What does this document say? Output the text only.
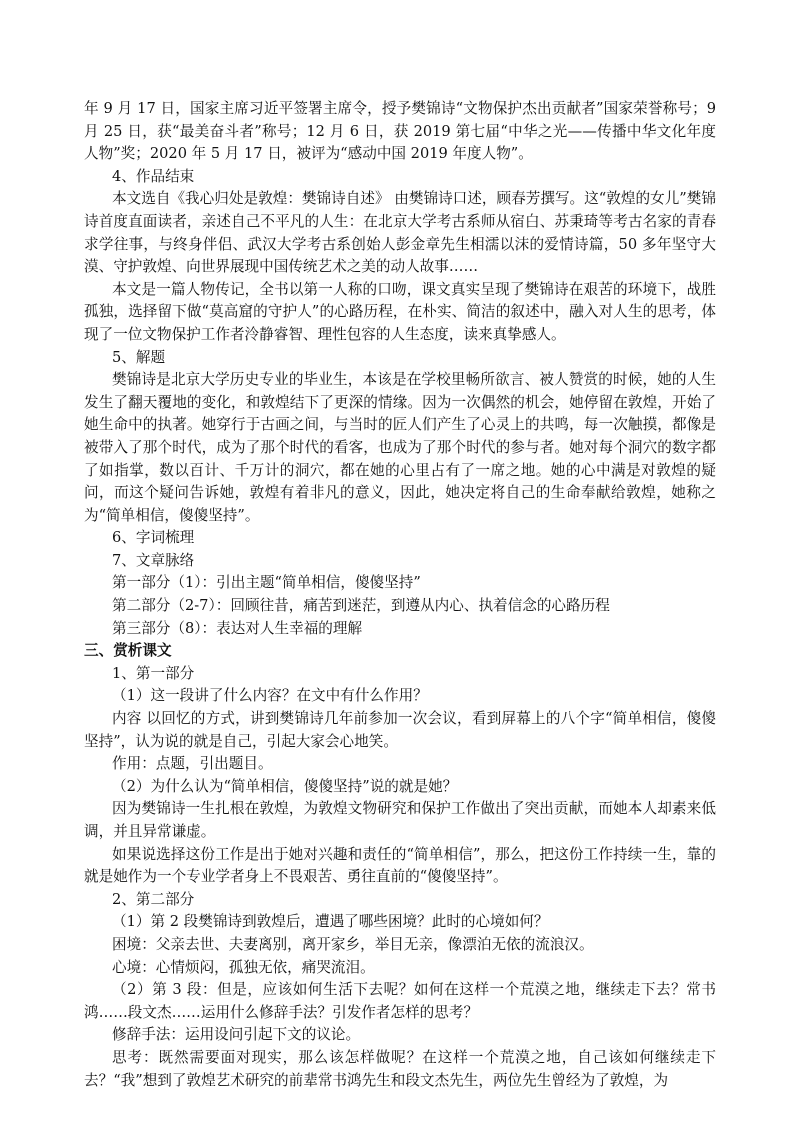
年 9 月 17 日，国家主席习近平签署主席令，授予樊锦诗“文物保护杰出贡献者”国家荣誉称号；9 月 25 日，获“最美奋斗者”称号；12 月 6 日，获 2019 第七届“中华之光——传播中华文化年度人物”奖；2020 年 5 月 17 日，被评为“感动中国 2019 年度人物”。

4、作品结束

本文选自《我心归处是敦煌：樊锦诗自述》 由樊锦诗口述，顾春芳撰写。这“敦煌的女儿”樊锦诗首度直面读者，亲述自己不平凡的人生：在北京大学考古系师从宿白、苏秉琦等考古名家的青春求学往事，与终身伴侣、武汉大学考古系创始人彭金章先生相濡以沫的爱情诗篇，50 多年坚守大漠、守护敦煌、向世界展现中国传统艺术之美的动人故事……

本文是一篇人物传记，全书以第一人称的口吻，课文真实呈现了樊锦诗在艰苦的环境下，战胜孤独，选择留下做“莫高窟的守护人”的心路历程，在朴实、简洁的叙述中，融入对人生的思考，体现了一位文物保护工作者泠静睿智、理性包容的人生态度，读来真挚感人。

5、解题

樊锦诗是北京大学历史专业的毕业生，本该是在学校里畅所欲言、被人赞赏的时候，她的人生发生了翻天覆地的变化，和敦煌结下了更深的情缘。因为一次偶然的机会，她停留在敦煌，开始了她生命中的执著。她穿行于古画之间，与当时的匠人们产生了心灵上的共鸣，每一次触摸，都像是被带入了那个时代，成为了那个时代的看客，也成为了那个时代的参与者。她对每个洞穴的数字都了如指掌，数以百计、千万计的洞穴，都在她的心里占有了一席之地。她的心中满是对敦煌的疑问，而这个疑问告诉她，敦煌有着非凡的意义，因此，她决定将自己的生命奉献给敦煌，她称之为“简单相信，傻傻坚持”。

6、字词梳理

7、文章脉络

第一部分（1）：引出主题“简单相信，傻傻坚持”

第二部分（2-7）：回顾往昔，痛苦到迷茫，到遵从内心、执着信念的心路历程

第三部分（8）：表达对人生幸福的理解

三、赏析课文

1、第一部分

（1）这一段讲了什么内容？在文中有什么作用？

内容 以回忆的方式，讲到樊锦诗几年前参加一次会议，看到屏幕上的八个字“简单相信，傻傻坚持”，认为说的就是自己，引起大家会心地笑。

作用：点题，引出题目。

（2）为什么认为“简单相信，傻傻坚持”说的就是她？

因为樊锦诗一生扎根在敦煌，为敦煌文物研究和保护工作做出了突出贡献，而她本人却素来低调，并且异常谦虚。

如果说选择这份工作是出于她对兴趣和责任的“简单相信”，那么，把这份工作持续一生，靠的就是她作为一个专业学者身上不畏艰苦、勇往直前的“傻傻坚持”。

2、第二部分

（1）第 2 段樊锦诗到敦煌后，遭遇了哪些困境？此时的心境如何？

困境：父亲去世、夫妻离别，离开家乡，举目无亲，像漂泊无依的流浪汉。

心境：心情烦闷，孤独无依，痛哭流泪。

（2）第 3 段：但是，应该如何生活下去呢？如何在这样一个荒漠之地，继续走下去？常书鸿……段文杰……运用什么修辞手法？引发作者怎样的思考？

修辞手法：运用设问引起下文的议论。

思考：既然需要面对现实，那么该怎样做呢？在这样一个荒漠之地，自己该如何继续走下去？“我”想到了敦煌艺术研究的前辈常书鸿先生和段文杰先生，两位先生曾经为了敦煌，为
